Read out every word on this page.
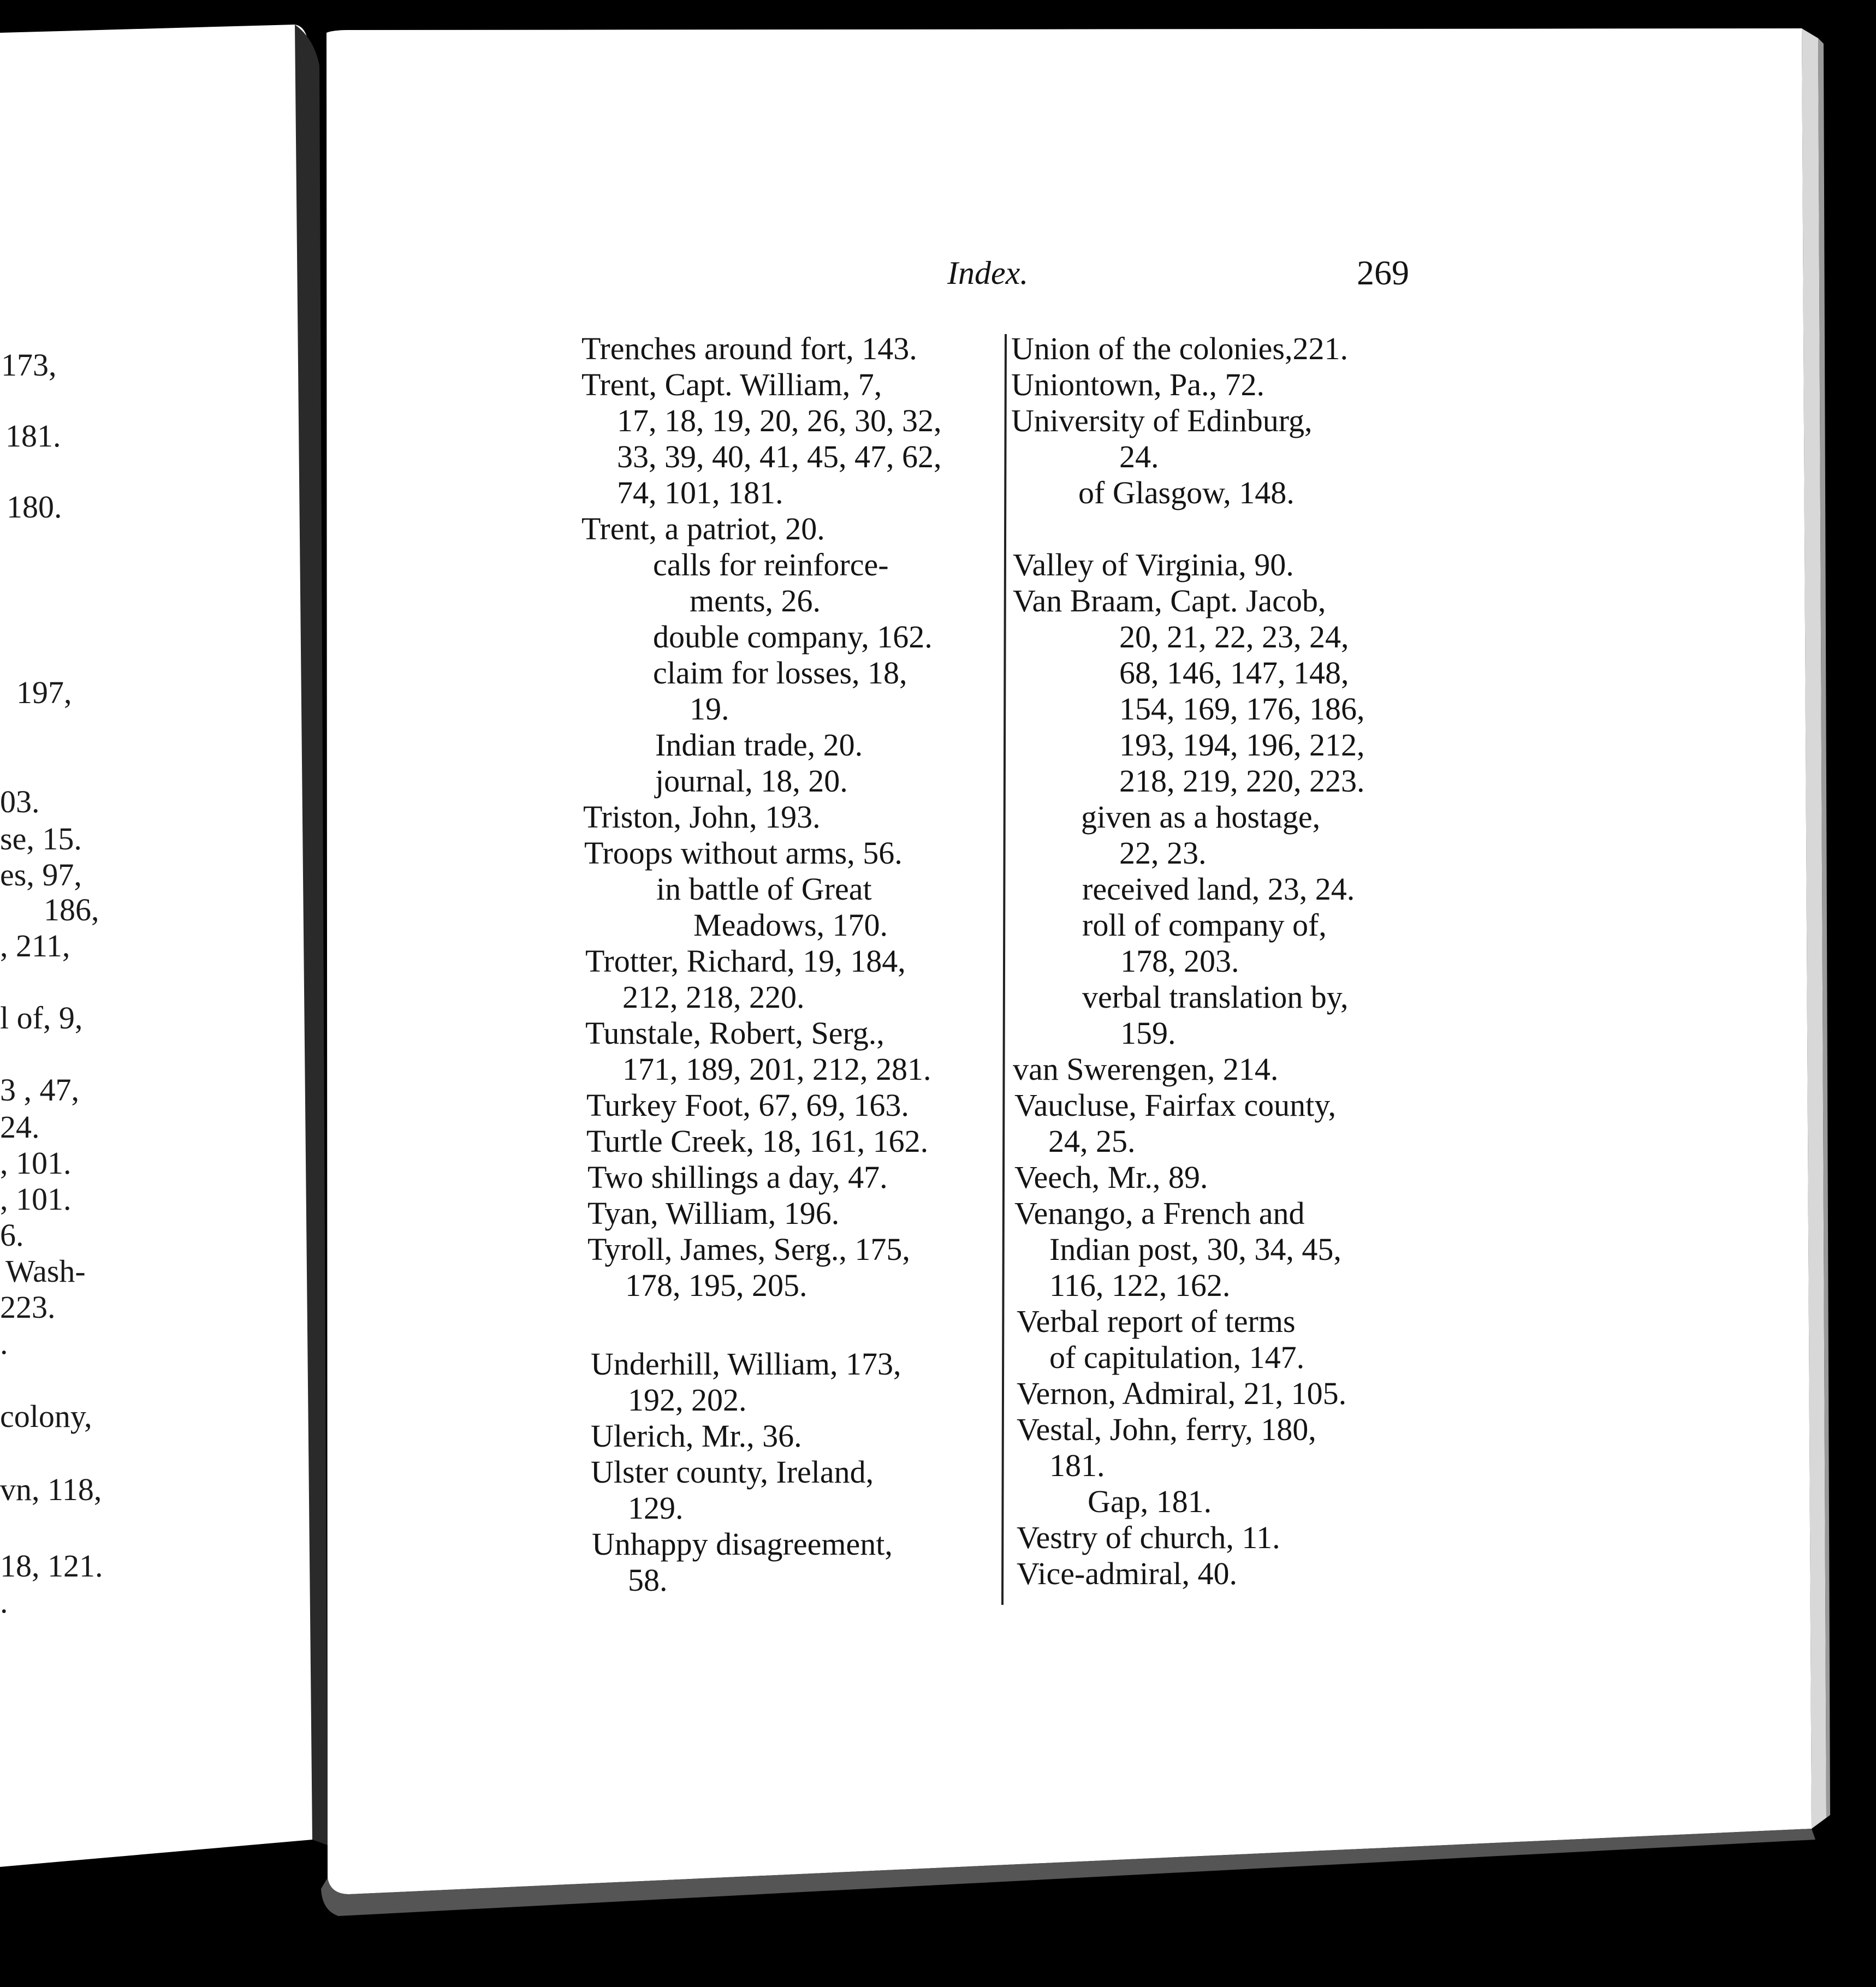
Index.	269
Trenches around fort, 143.
Trent, Capt. William, 7,
17, 18, 19, 20, 26, 30, 32,
33, 39, 40, 41, 45, 47, 62,
74, 101, 181.
Trent, a patriot, 20.
calls for reinforce-
ments, 26.
double company, 162.
claim for losses, 18,
19.
Indian trade, 20.
journal, 18, 20.
Triston, John, 193.
Troops without arms, 56.
in battle of Great
Meadows, 170.
Trotter, Richard, 19, 184,
212, 218, 220.
Tunstale, Robert, Serg.,
171, 189, 201, 212, 281.
Turkey Foot, 67, 69, 163.
Turtle Creek, 18, 161, 162.
Two shillings a day, 47.
Tyan, William, 196.
Tyroll, James, Serg., 175,
178, 195, 205.
Underhill, William, 173,
192, 202.
Ulerich, Mr., 36.
Ulster county, Ireland,
129.
Unhappy disagreement,
58.
Union of the colonies,221.
Uniontown, Pa., 72.
University of Edinburg,
24.
of Glasgow, 148.
Valley of Virginia, 90.
Van Braam, Capt. Jacob,
20, 21, 22, 23, 24,
68, 146, 147, 148,
154, 169, 176, 186,
193, 194, 196, 212,
218, 219, 220, 223.
given as a hostage,
22, 23.
received land, 23, 24.
roll of company of,
178, 203.
verbal translation by,
159.
van Swerengen, 214.
Vaucluse, Fairfax county,
24, 25.
Veech, Mr., 89.
Venango, a French and
Indian post, 30, 34, 45,
116, 122, 162.
Verbal report of terms
of capitulation, 147.
Vernon, Admiral, 21, 105.
Vestal, John, ferry, 180,
181.
Gap, 181.
Vestry of church, 11.
Vice-admiral, 40.
173,
181.
180.
197,
03.
se, 15.
es, 97,
186,
, 211,
l of, 9,
3 , 47,
24.
, 101.
, 101.
6.
Wash-
223.
.
colony,
vn, 118,
18, 121.
.
